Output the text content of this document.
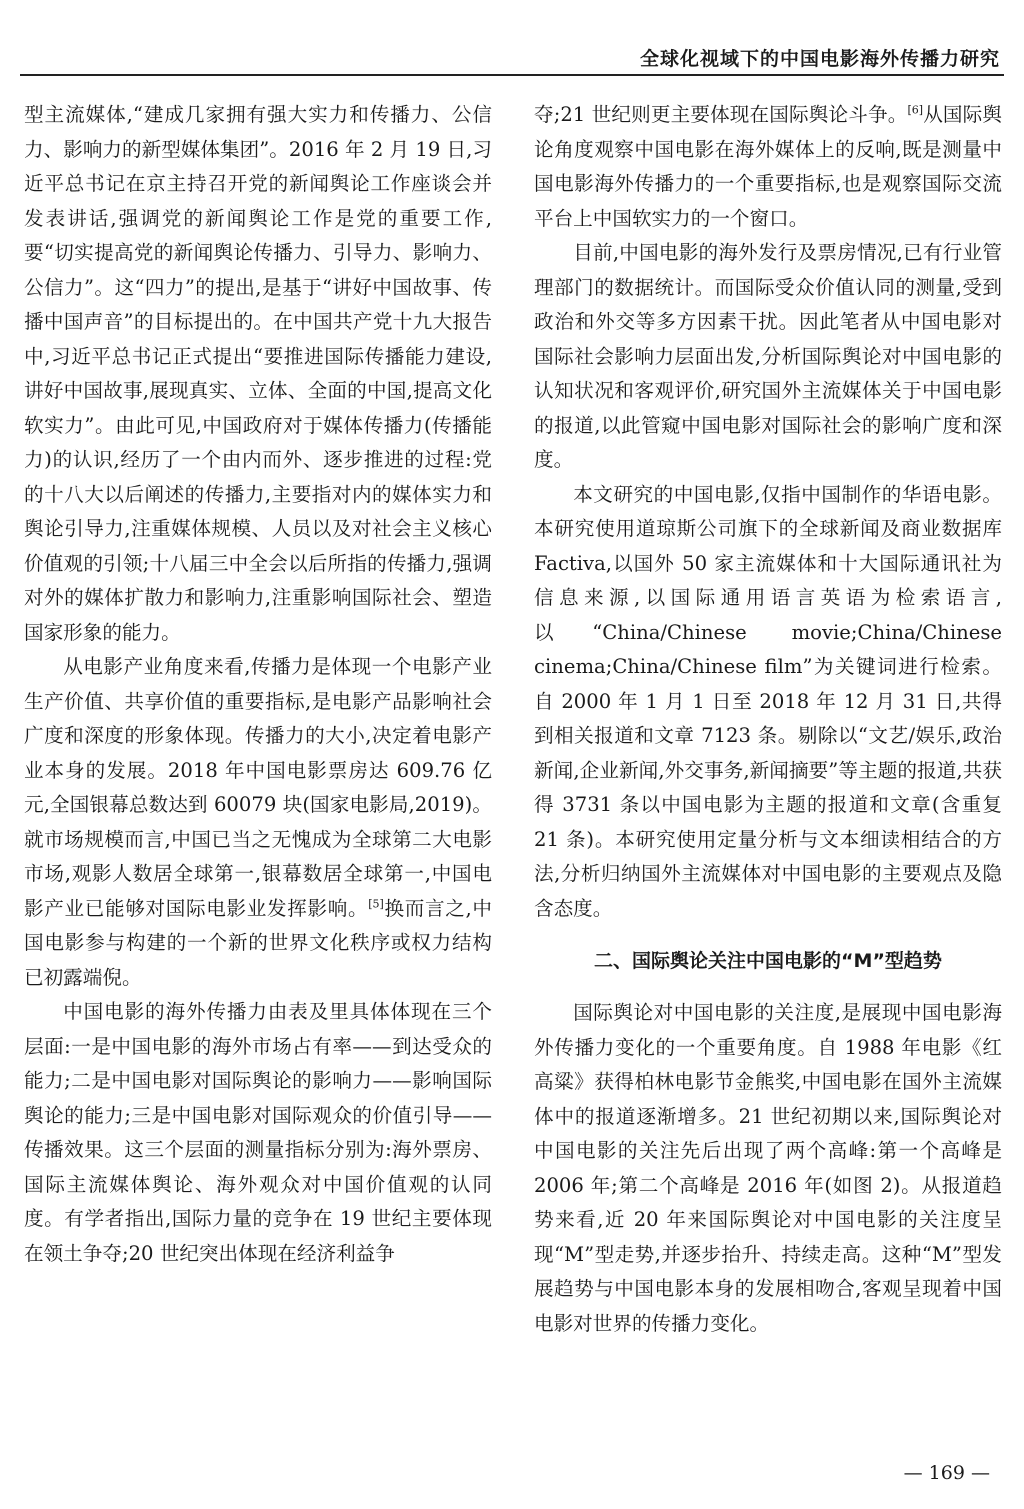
全球化视域下的中国电影海外传播力研究

型主流媒体,“建成几家拥有强大实力和传播力、公信力、影响力的新型媒体集团”。2016 年 2 月 19 日,习近平总书记在京主持召开党的新闻舆论工作座谈会并发表讲话,强调党的新闻舆论工作是党的重要工作,要“切实提高党的新闻舆论传播力、引导力、影响力、公信力”。这“四力”的提出,是基于“讲好中国故事、传播中国声音”的目标提出的。在中国共产党十九大报告中,习近平总书记正式提出“要推进国际传播能力建设,讲好中国故事,展现真实、立体、全面的中国,提高文化软实力”。由此可见,中国政府对于媒体传播力(传播能力)的认识,经历了一个由内而外、逐步推进的过程:党的十八大以后阐述的传播力,主要指对内的媒体实力和舆论引导力,注重媒体规模、人员以及对社会主义核心价值观的引领;十八届三中全会以后所指的传播力,强调对外的媒体扩散力和影响力,注重影响国际社会、塑造国家形象的能力。

从电影产业角度来看,传播力是体现一个电影产业生产价值、共享价值的重要指标,是电影产品影响社会广度和深度的形象体现。传播力的大小,决定着电影产业本身的发展。2018 年中国电影票房达 609.76 亿元,全国银幕总数达到 60079 块(国家电影局,2019)。就市场规模而言,中国已当之无愧成为全球第二大电影市场,观影人数居全球第一,银幕数居全球第一,中国电影产业已能够对国际电影业发挥影响。[5]换而言之,中国电影参与构建的一个新的世界文化秩序或权力结构已初露端倪。

中国电影的海外传播力由表及里具体体现在三个层面:一是中国电影的海外市场占有率——到达受众的能力;二是中国电影对国际舆论的影响力——影响国际舆论的能力;三是中国电影对国际观众的价值引导——传播效果。这三个层面的测量指标分别为:海外票房、国际主流媒体舆论、海外观众对中国价值观的认同度。有学者指出,国际力量的竞争在 19 世纪主要体现在领土争夺;20 世纪突出体现在经济利益争

夺;21 世纪则更主要体现在国际舆论斗争。[6]从国际舆论角度观察中国电影在海外媒体上的反响,既是测量中国电影海外传播力的一个重要指标,也是观察国际交流平台上中国软实力的一个窗口。

目前,中国电影的海外发行及票房情况,已有行业管理部门的数据统计。而国际受众价值认同的测量,受到政治和外交等多方因素干扰。因此笔者从中国电影对国际社会影响力层面出发,分析国际舆论对中国电影的认知状况和客观评价,研究国外主流媒体关于中国电影的报道,以此管窥中国电影对国际社会的影响广度和深度。

本文研究的中国电影,仅指中国制作的华语电影。本研究使用道琼斯公司旗下的全球新闻及商业数据库 Factiva,以国外 50 家主流媒体和十大国际通讯社为信息来源,以国际通用语言英语为检索语言,以“China/Chinese movie;China/Chinese cinema;China/Chinese film”为关键词进行检索。自 2000 年 1 月 1 日至 2018 年 12 月 31 日,共得到相关报道和文章 7123 条。剔除以“文艺/娱乐,政治新闻,企业新闻,外交事务,新闻摘要”等主题的报道,共获得 3731 条以中国电影为主题的报道和文章(含重复 21 条)。本研究使用定量分析与文本细读相结合的方法,分析归纳国外主流媒体对中国电影的主要观点及隐含态度。

二、国际舆论关注中国电影的“M”型趋势

国际舆论对中国电影的关注度,是展现中国电影海外传播力变化的一个重要角度。自 1988 年电影《红高粱》获得柏林电影节金熊奖,中国电影在国外主流媒体中的报道逐渐增多。21 世纪初期以来,国际舆论对中国电影的关注先后出现了两个高峰:第一个高峰是 2006 年;第二个高峰是 2016 年(如图 2)。从报道趋势来看,近 20 年来国际舆论对中国电影的关注度呈现“M”型走势,并逐步抬升、持续走高。这种“M”型发展趋势与中国电影本身的发展相吻合,客观呈现着中国电影对世界的传播力变化。

— 169 —
